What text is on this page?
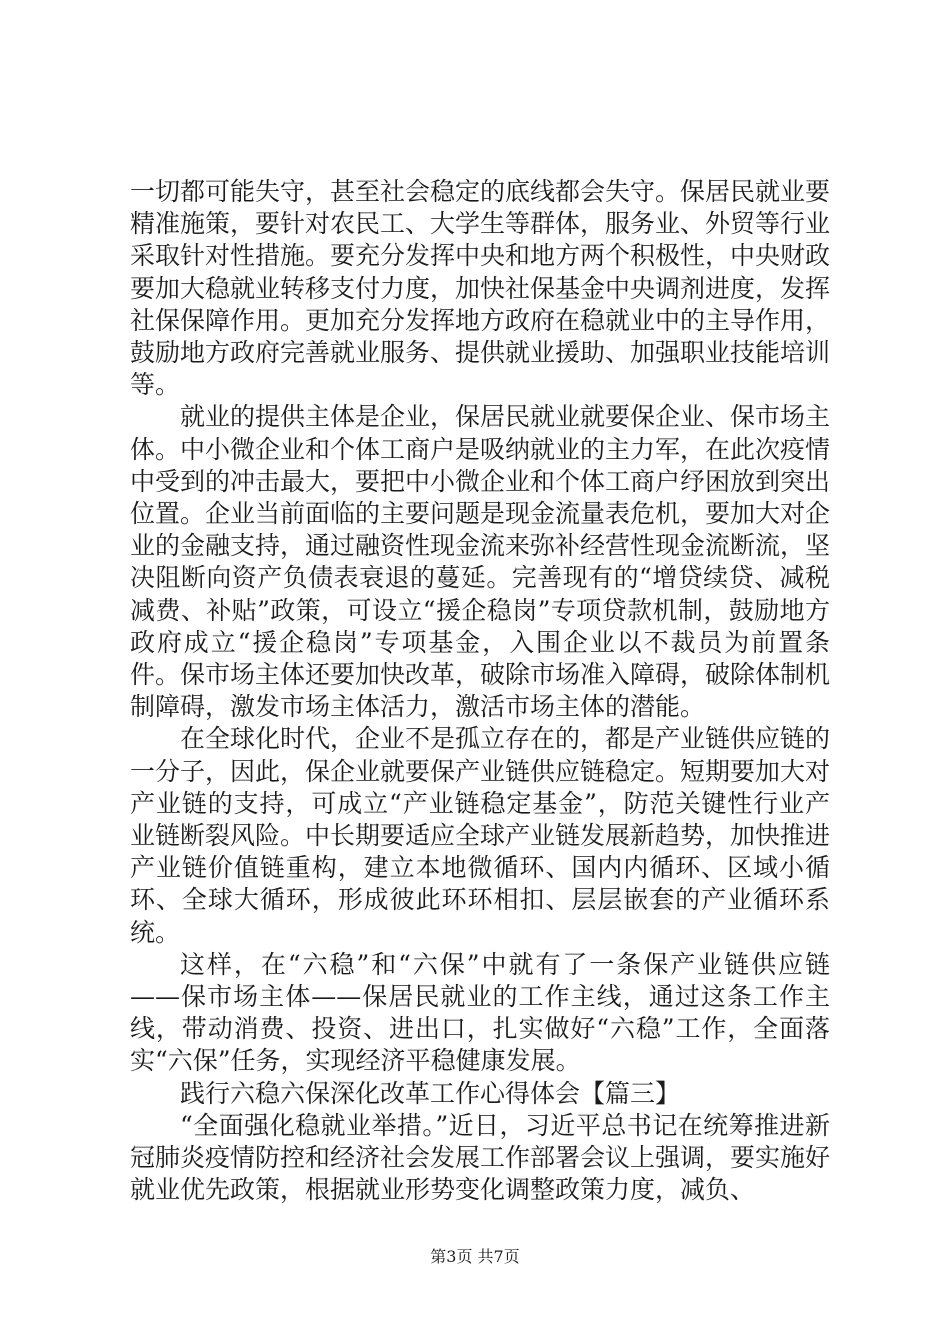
一切都可能失守，甚至社会稳定的底线都会失守。保居民就业要精准施策，要针对农民工、大学生等群体，服务业、外贸等行业采取针对性措施。要充分发挥中央和地方两个积极性，中央财政要加大稳就业转移支付力度，加快社保基金中央调剂进度，发挥社保保障作用。更加充分发挥地方政府在稳就业中的主导作用，鼓励地方政府完善就业服务、提供就业援助、加强职业技能培训等。

就业的提供主体是企业，保居民就业就要保企业、保市场主体。中小微企业和个体工商户是吸纳就业的主力军，在此次疫情中受到的冲击最大，要把中小微企业和个体工商户纾困放到突出位置。企业当前面临的主要问题是现金流量表危机，要加大对企业的金融支持，通过融资性现金流来弥补经营性现金流断流，坚决阻断向资产负债表衰退的蔓延。完善现有的“增贷续贷、减税减费、补贴”政策，可设立“援企稳岗”专项贷款机制，鼓励地方政府成立“援企稳岗”专项基金，入围企业以不裁员为前置条件。保市场主体还要加快改革，破除市场准入障碍，破除体制机制障碍，激发市场主体活力，激活市场主体的潜能。

在全球化时代，企业不是孤立存在的，都是产业链供应链的一分子，因此，保企业就要保产业链供应链稳定。短期要加大对产业链的支持，可成立“产业链稳定基金”，防范关键性行业产业链断裂风险。中长期要适应全球产业链发展新趋势，加快推进产业链价值链重构，建立本地微循环、国内内循环、区域小循环、全球大循环，形成彼此环环相扣、层层嵌套的产业循环系统。

这样，在“六稳”和“六保”中就有了一条保产业链供应链——保市场主体——保居民就业的工作主线，通过这条工作主线，带动消费、投资、进出口，扎实做好“六稳”工作，全面落实“六保”任务，实现经济平稳健康发展。

践行六稳六保深化改革工作心得体会【篇三】

“全面强化稳就业举措。”近日，习近平总书记在统筹推进新冠肺炎疫情防控和经济社会发展工作部署会议上强调，要实施好就业优先政策，根据就业形势变化调整政策力度，减负、

第3页 共7页
